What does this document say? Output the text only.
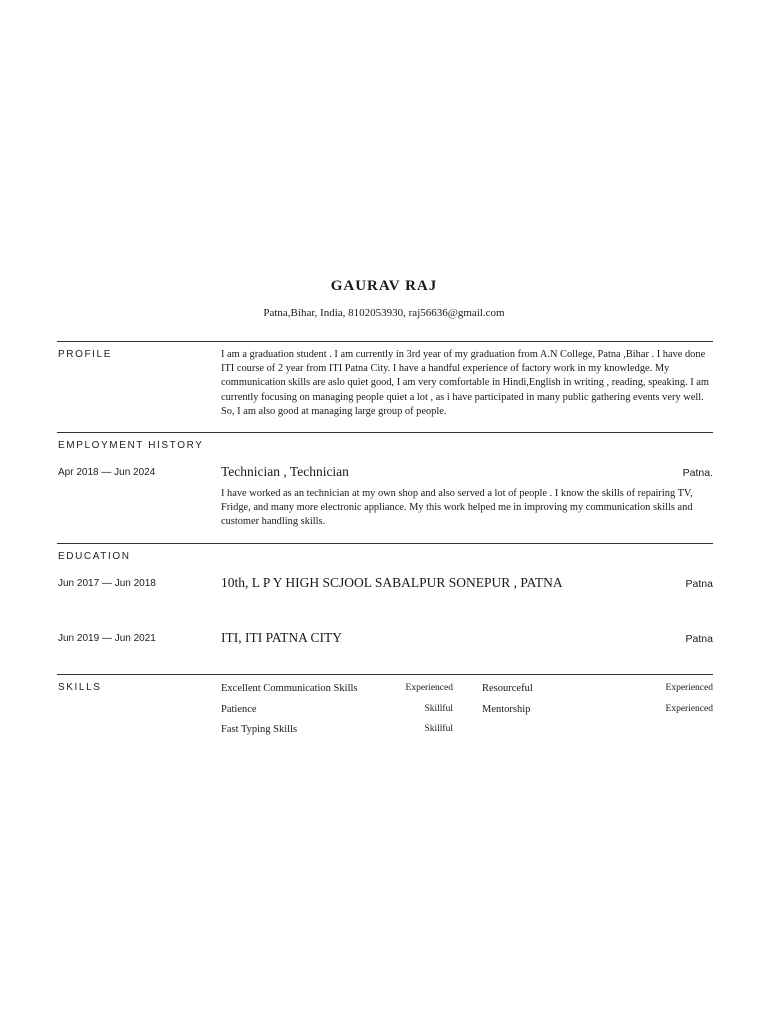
GAURAV RAJ
Patna,Bihar, India, 8102053930, raj56636@gmail.com
PROFILE	I am a graduation student . I am currently in 3rd year of my graduation from A.N College, Patna ,Bihar . I have done ITI course of 2 year from ITI Patna City. I have a handful experience of factory work in my knowledge. My communication skills are aslo quiet good, I am very comfortable in Hindi,English in writing , reading, speaking. I am currently focusing on managing people quiet a lot , as i have participated in many public gathering events very well. So, I am also good at managing large group of people.

EMPLOYMENT HISTORY
Apr 2018 — Jun 2024	Technician , Technician	Patna.

I have worked as an technician at my own shop and also served a lot of people . I know the skills of repairing TV, Fridge, and many more electronic appliance. My this work helped me in improving my communication skills and customer handling skills.

EDUCATION
Jun 2017 — Jun 2018	10th, L P Y HIGH SCJOOL SABALPUR SONEPUR , PATNA	Patna
Jun 2019 — Jun 2021	ITI, ITI PATNA CITY	Patna
SKILLS	Excellent Communication Skills	Experienced	Resourceful	Experienced
Patience	Skillful	Mentorship	Experienced
Fast Typing Skills	Skillful
